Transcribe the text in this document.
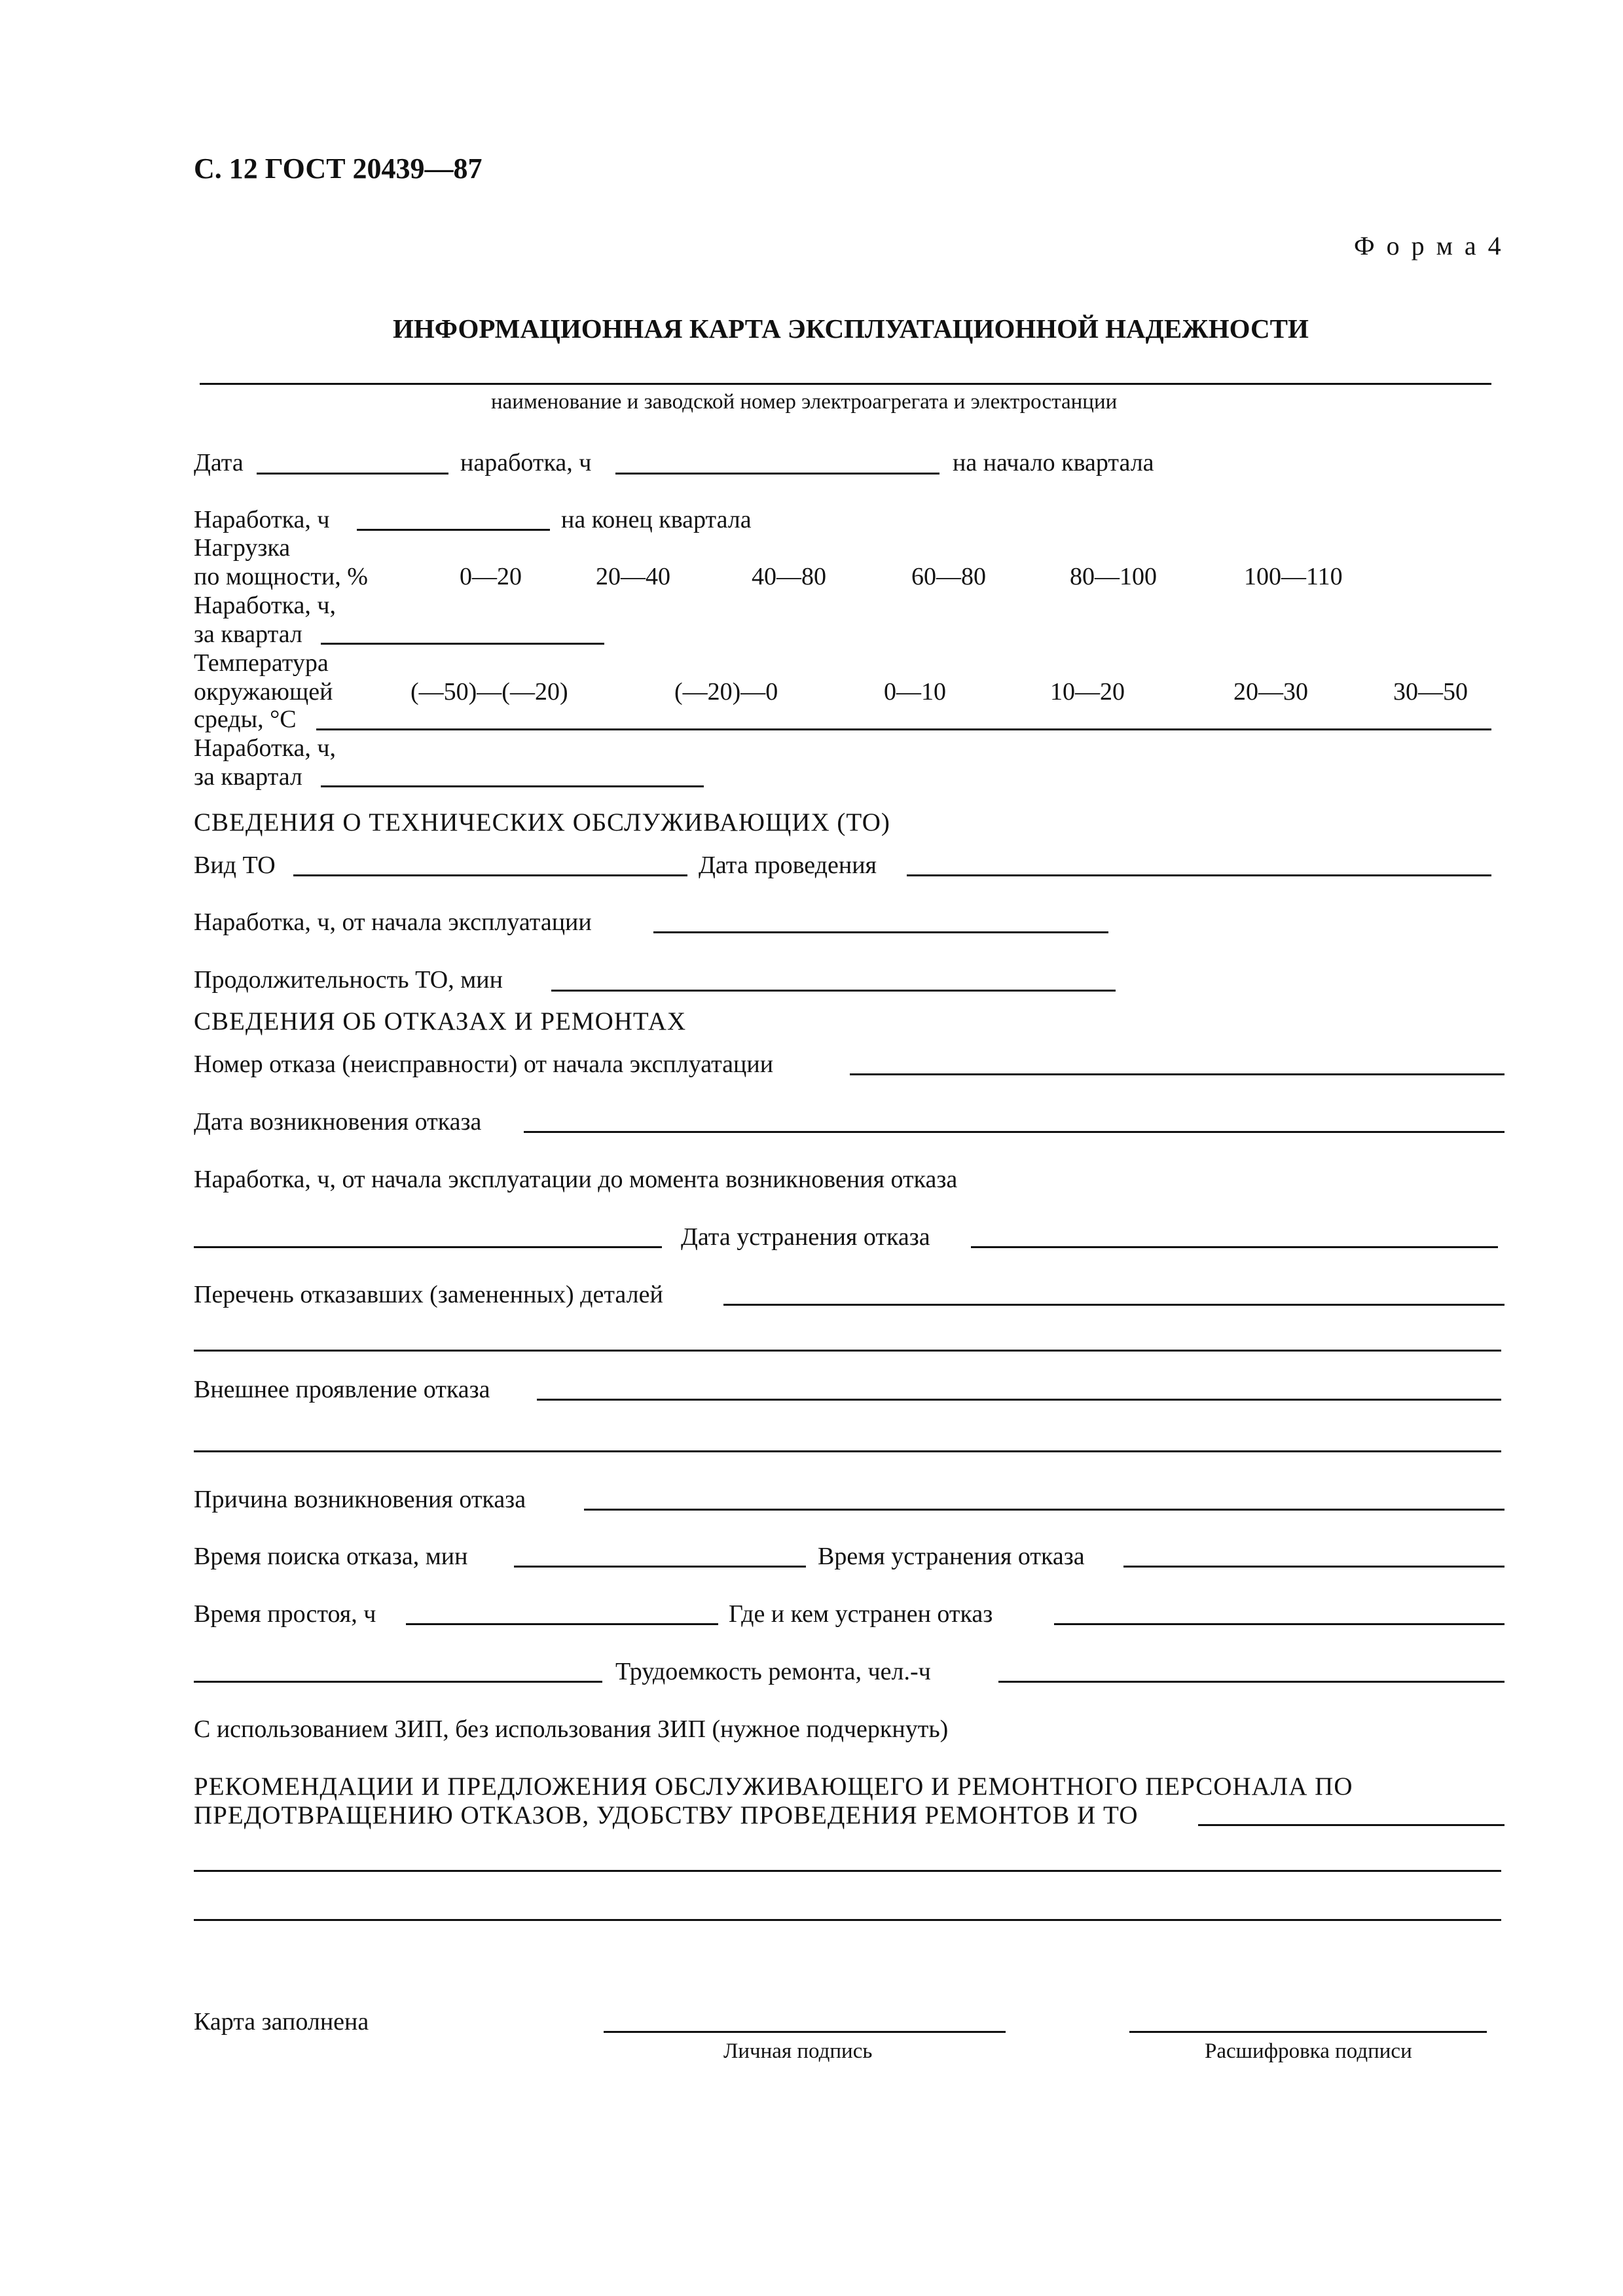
С. 12 ГОСТ 20439—87
Ф о р м а 4
ИНФОРМАЦИОННАЯ КАРТА ЭКСПЛУАТАЦИОННОЙ НАДЕЖНОСТИ
наименование и заводской номер электроагрегата и электростанции
Дата	наработка, ч	на начало квартала
Наработка, ч	на конец квартала
Нагрузка
по мощности, %	0—20	20—40	40—80	60—80	80—100	100—110
Наработка, ч,
за квартал
Температура
окружающей	(—50)—(—20)	(—20)—0	0—10	10—20	20—30	30—50
среды, °С
Наработка, ч,
за квартал
СВЕДЕНИЯ О ТЕХНИЧЕСКИХ ОБСЛУЖИВАЮЩИХ (ТО)
Вид ТО	Дата проведения
Наработка, ч, от начала эксплуатации
Продолжительность ТО, мин
СВЕДЕНИЯ ОБ ОТКАЗАХ И РЕМОНТАХ
Номер отказа (неисправности) от начала эксплуатации
Дата возникновения отказа
Наработка, ч, от начала эксплуатации до момента возникновения отказа
Дата устранения отказа
Перечень отказавших (замененных) деталей
Внешнее проявление отказа
Причина возникновения отказа
Время поиска отказа, мин	Время устранения отказа
Время простоя, ч	Где и кем устранен отказ
Трудоемкость ремонта, чел.-ч
С использованием ЗИП, без использования ЗИП (нужное подчеркнуть)
РЕКОМЕНДАЦИИ И ПРЕДЛОЖЕНИЯ ОБСЛУЖИВАЮЩЕГО И РЕМОНТНОГО ПЕРСОНАЛА ПО
ПРЕДОТВРАЩЕНИЮ ОТКАЗОВ, УДОБСТВУ ПРОВЕДЕНИЯ РЕМОНТОВ И ТО
Карта заполнена
Личная подпись	Расшифровка подписи
